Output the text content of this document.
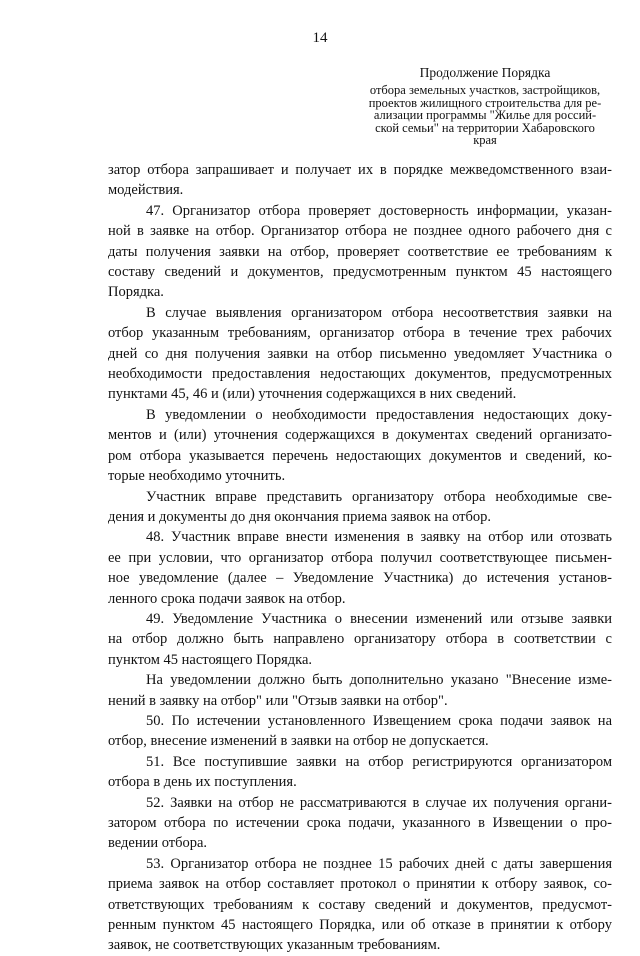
14

Продолжение Порядка

отбора земельных участков, застройщиков,

проектов жилищного строительства для ре-

ализации программы "Жилье для россий-

ской семьи" на территории Хабаровского

края

затор отбора запрашивает и получает их в порядке межведомственного взаи-

модействия.

47. Организатор отбора проверяет достоверность информации, указан-

ной в заявке на отбор. Организатор отбора не позднее одного рабочего дня с

даты получения заявки на отбор, проверяет соответствие ее требованиям к

составу сведений и документов, предусмотренным пунктом 45 настоящего

Порядка.

В случае выявления организатором отбора несоответствия заявки на

отбор указанным требованиям, организатор отбора в течение трех рабочих

дней со дня получения заявки на отбор письменно уведомляет Участника о

необходимости предоставления недостающих документов, предусмотренных

пунктами 45, 46 и (или) уточнения содержащихся в них сведений.

В уведомлении о необходимости предоставления недостающих доку-

ментов и (или) уточнения содержащихся в документах сведений организато-

ром отбора указывается перечень недостающих документов и сведений, ко-

торые необходимо уточнить.

Участник вправе представить организатору отбора необходимые све-

дения и документы до дня окончания приема заявок на отбор.

48. Участник вправе внести изменения в заявку на отбор или отозвать

ее при условии, что организатор отбора получил соответствующее письмен-

ное уведомление (далее – Уведомление Участника) до истечения установ-

ленного срока подачи заявок на отбор.

49. Уведомление Участника о внесении изменений или отзыве заявки

на отбор должно быть направлено организатору отбора в соответствии с

пунктом 45 настоящего Порядка.

На уведомлении должно быть дополнительно указано "Внесение изме-

нений в заявку на отбор" или "Отзыв заявки на отбор".

50. По истечении установленного Извещением срока подачи заявок на

отбор, внесение изменений в заявки на отбор не допускается.

51. Все поступившие заявки на отбор регистрируются организатором

отбора в день их поступления.

52. Заявки на отбор не рассматриваются в случае их получения органи-

затором отбора по истечении срока подачи, указанного в Извещении о про-

ведении отбора.

53. Организатор отбора не позднее 15 рабочих дней с даты завершения

приема заявок на отбор составляет протокол о принятии к отбору заявок, со-

ответствующих требованиям к составу сведений и документов, предусмот-

ренным пунктом 45 настоящего Порядка, или об отказе в принятии к отбору

заявок, не соответствующих указанным требованиям.
